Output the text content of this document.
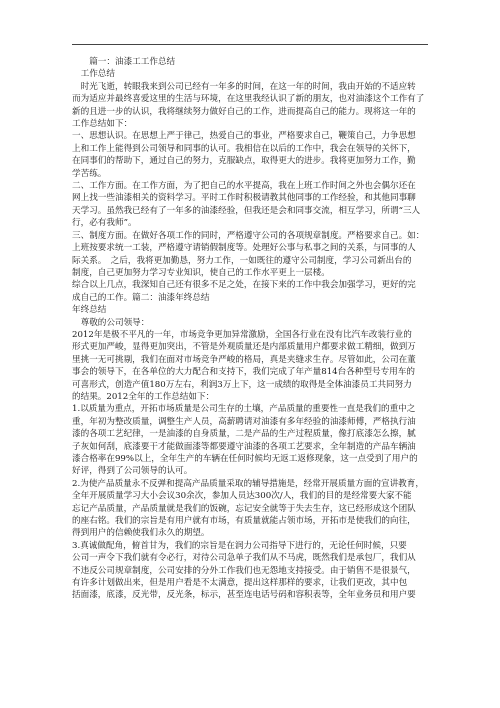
　　篇一：油漆工工作总结

　工作总结

　时光飞逝，转眼我来到公司已经有一年多的时间，在这一年的时间，我由开始的不适应转

而为适应并最终喜爱这里的生活与环境，在这里我经认识了新的朋友，也对油漆这个工作有了

新的且进一步的认识，我将继续努力做好自己的工作，进而提高自己的能力。现将这一年的

工作总结如下：

一、思想认识。在思想上严于律己，热爱自己的事业，严格要求自己，鞭策自己，力争思想

上和工作上能得到公司领导和同事的认可。我相信在以后的工作中，我会在领导的关怀下，

在同事们的帮助下，通过自己的努力，克服缺点，取得更大的进步。我将更加努力工作，勤

学苦练。

二、工作方面。在工作方面，为了把自己的水平提高，我在上班工作时间之外也会偶尔还在

网上找一些油漆相关的资料学习。平时工作时积极请教其他同事的工作经验，和其他同事聊

天学习。虽然我已经有了一年多的油漆经验，但我还是会和同事交流，相互学习，所谓“三人

行，必有我师”。

三、制度方面。在做好各项工作的同时，严格遵守公司的各项规章制度。严格要求自己。如：

上班按要求统一工装，严格遵守请销假制度等。处理好公事与私事之间的关系，与同事的人

际关系。　之后，我将更加勤恳，努力工作，一如既往的遵守公司制度，学习公司新出台的

制度，自己更加努力学习专业知识，使自己的工作水平更上一层楼。

综合以上几点，我深知自己还有很多不足之处，在接下来的工作中我会加强学习，更好的完

成自己的工作。篇二：油漆年终总结

年终总结

　尊敬的公司领导：

2012年是极不平凡的一年，市场竞争更加异常激励，全国各行业在没有比汽车改装行业的

形式更加严峻，显得更加突出，不管是外观质量还是内部质量用户都要求做工精细，做到万

里挑一无可挑剔，我们在面对市场竞争严峻的格局，真是夹缝求生存。尽管如此，公司在董

事会的领导下，在各单位的大力配合和支持下，我们完成了年产量814台各种型号专用车的

可喜形式，创造产值180万左右，利润3万上下，这一成绩的取得是全体油漆员工共同努力

的结果。2012全年的工作总结如下：

1.以质量为重点，开拓市场质量是公司生存的土壤，产品质量的重要性一直是我们的重中之

重，年初为整改质量，调整生产人员，高薪聘请对油漆有多年经验的油漆师傅，严格执行油

漆的各项工艺纪律，一是油漆的自身质量，二是产品的生产过程质量，像打底漆怎么擦，腻

子灰如何刮，底漆要干才能做面漆等都要遵守油漆的各项工艺要求，全年制造的产品车辆油

漆合格率在99%以上，全年生产的车辆在任何时候均无返工返修现象，这一点受到了用户的

好评，得到了公司领导的认可。

2.为使产品质量永不反弹和提高产品质量采取的辅导措施是，经常开展质量方面的宣讲教育，

全年开展质量学习大小会议30余次，参加人员达300次/人，我们的目的是经常要大家不能

忘记产品质量，产品质量就是我们的饭碗，忘记安全就等于失去生存，这已经形成这个团队

的座右铭。我们的宗旨是有用户就有市场，有质量就能占领市场，开拓市是使我们的向往，

得到用户的信赖使我们永久的期望。

3.真诚做配角，俯首甘为，我们的宗旨是在润力公司指导下进行的，无论任何时候，只要

公司一声令下我们就有令必行，对待公司急单子我们从不马虎，既然我们是承包厂，我们从

不违反公司规章制度，公司安排的分外工作我们也无怨地支持接受。由于销售不是很景气，

有许多计划做出来，但是用户看是不太满意，提出这样那样的要求，让我们更改，其中包

括面漆，底漆，反光带，反光条，标示，甚至连电话号码和容积表等，全年业务员和用户要
